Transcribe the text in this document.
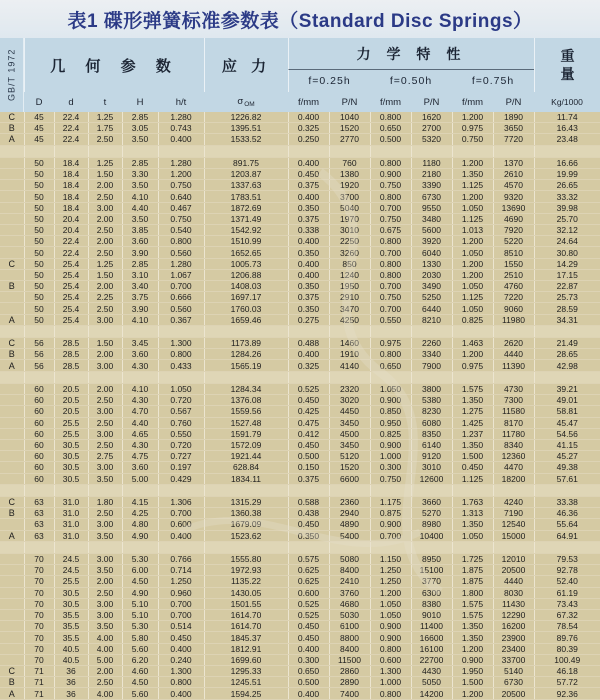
表1 碟形弹簧标准参数表（Standard Disc Springs）
GB/T 1972	几 何 参 数	应 力
力 学 特 性
f=0.25h	f=0.50h	f=0.75h
重
量
D	d	t	H	h/t	$\sigma_{OM}$	f/mm	P/N	f/mm	P/N	f/mm	P/N	Kg/1000
C	45	22.4	1.25	2.85	1.280	1226.82	0.400	1040	0.800	1620	1.200	1890	11.74
B	45	22.4	1.75	3.05	0.743	1395.51	0.325	1520	0.650	2700	0.975	3650	16.43
A	45	22.4	2.50	3.50	0.400	1533.52	0.250	2770	0.500	5320	0.750	7720	23.48

	50	18.4	1.25	2.85	1.280	891.75	0.400	760	0.800	1180	1.200	1370	16.66
	50	18.4	1.50	3.30	1.200	1203.87	0.450	1380	0.900	2180	1.350	2610	19.99
	50	18.4	2.00	3.50	0.750	1337.63	0.375	1920	0.750	3390	1.125	4570	26.65
	50	18.4	2.50	4.10	0.640	1783.51	0.400	3700	0.800	6730	1.200	9320	33.32
	50	18.4	3.00	4.40	0.467	1872.69	0.350	5040	0.700	9550	1.050	13690	39.98
	50	20.4	2.00	3.50	0.750	1371.49	0.375	1970	0.750	3480	1.125	4690	25.70
	50	20.4	2.50	3.85	0.540	1542.92	0.338	3010	0.675	5600	1.013	7920	32.12
	50	22.4	2.00	3.60	0.800	1510.99	0.400	2250	0.800	3920	1.200	5220	24.64
	50	22.4	2.50	3.90	0.560	1652.65	0.350	3260	0.700	6040	1.050	8510	30.80
C	50	25.4	1.25	2.85	1.280	1005.73	0.400	850	0.800	1330	1.200	1550	14.29
	50	25.4	1.50	3.10	1.067	1206.88	0.400	1240	0.800	2030	1.200	2510	17.15
B	50	25.4	2.00	3.40	0.700	1408.03	0.350	1950	0.700	3490	1.050	4760	22.87
	50	25.4	2.25	3.75	0.666	1697.17	0.375	2910	0.750	5250	1.125	7220	25.73
	50	25.4	2.50	3.90	0.560	1760.03	0.350	3470	0.700	6440	1.050	9060	28.59
A	50	25.4	3.00	4.10	0.367	1659.46	0.275	4250	0.550	8210	0.825	11980	34.31

C	56	28.5	1.50	3.45	1.300	1173.89	0.488	1460	0.975	2260	1.463	2620	21.49
B	56	28.5	2.00	3.60	0.800	1284.26	0.400	1910	0.800	3340	1.200	4440	28.65
A	56	28.5	3.00	4.30	0.433	1565.19	0.325	4140	0.650	7900	0.975	11390	42.98

	60	20.5	2.00	4.10	1.050	1284.34	0.525	2320	1.050	3800	1.575	4730	39.21
	60	20.5	2.50	4.30	0.720	1376.08	0.450	3020	0.900	5380	1.350	7300	49.01
	60	20.5	3.00	4.70	0.567	1559.56	0.425	4450	0.850	8230	1.275	11580	58.81
	60	25.5	2.50	4.40	0.760	1527.48	0.475	3450	0.950	6080	1.425	8170	45.47
	60	25.5	3.00	4.65	0.550	1591.79	0.412	4500	0.825	8350	1.237	11780	54.56
	60	30.5	2.50	4.30	0.720	1572.09	0.450	3450	0.900	6140	1.350	8340	41.15
	60	30.5	2.75	4.75	0.727	1921.44	0.500	5120	1.000	9120	1.500	12360	45.27
	60	30.5	3.00	3.60	0.197	628.84	0.150	1520	0.300	3010	0.450	4470	49.38
	60	30.5	3.50	5.00	0.429	1834.11	0.375	6600	0.750	12600	1.125	18200	57.61

C	63	31.0	1.80	4.15	1.306	1315.29	0.588	2360	1.175	3660	1.763	4240	33.38
B	63	31.0	2.50	4.25	0.700	1360.38	0.438	2940	0.875	5270	1.313	7190	46.36
	63	31.0	3.00	4.80	0.600	1679.09	0.450	4890	0.900	8980	1.350	12540	55.64
A	63	31.0	3.50	4.90	0.400	1523.62	0.350	5400	0.700	10400	1.050	15000	64.91

	70	24.5	3.00	5.30	0.766	1555.80	0.575	5080	1.150	8950	1.725	12010	79.53
	70	24.5	3.50	6.00	0.714	1972.93	0.625	8400	1.250	15100	1.875	20500	92.78
	70	25.5	2.00	4.50	1.250	1135.22	0.625	2410	1.250	3770	1.875	4440	52.40
	70	30.5	2.50	4.90	0.960	1430.05	0.600	3760	1.200	6300	1.800	8030	61.19
	70	30.5	3.00	5.10	0.700	1501.55	0.525	4680	1.050	8380	1.575	11430	73.43
	70	35.5	3.00	5.10	0.700	1614.70	0.525	5030	1.050	9010	1.575	12290	67.32
	70	35.5	3.50	5.30	0.514	1614.70	0.450	6100	0.900	11400	1.350	16200	78.54
	70	35.5	4.00	5.80	0.450	1845.37	0.450	8800	0.900	16600	1.350	23900	89.76
	70	40.5	4.00	5.60	0.400	1812.91	0.400	8400	0.800	16100	1.200	23400	80.39
	70	40.5	5.00	6.20	0.240	1699.60	0.300	11500	0.600	22700	0.900	33700	100.49
C	71	36	2.00	4.60	1.300	1295.33	0.650	2860	1.300	4430	1.950	5140	46.18
B	71	36	2.50	4.50	0.800	1245.51	0.500	2890	1.000	5050	1.500	6730	57.72
A	71	36	4.00	5.60	0.400	1594.25	0.400	7400	0.800	14200	1.200	20500	92.36
